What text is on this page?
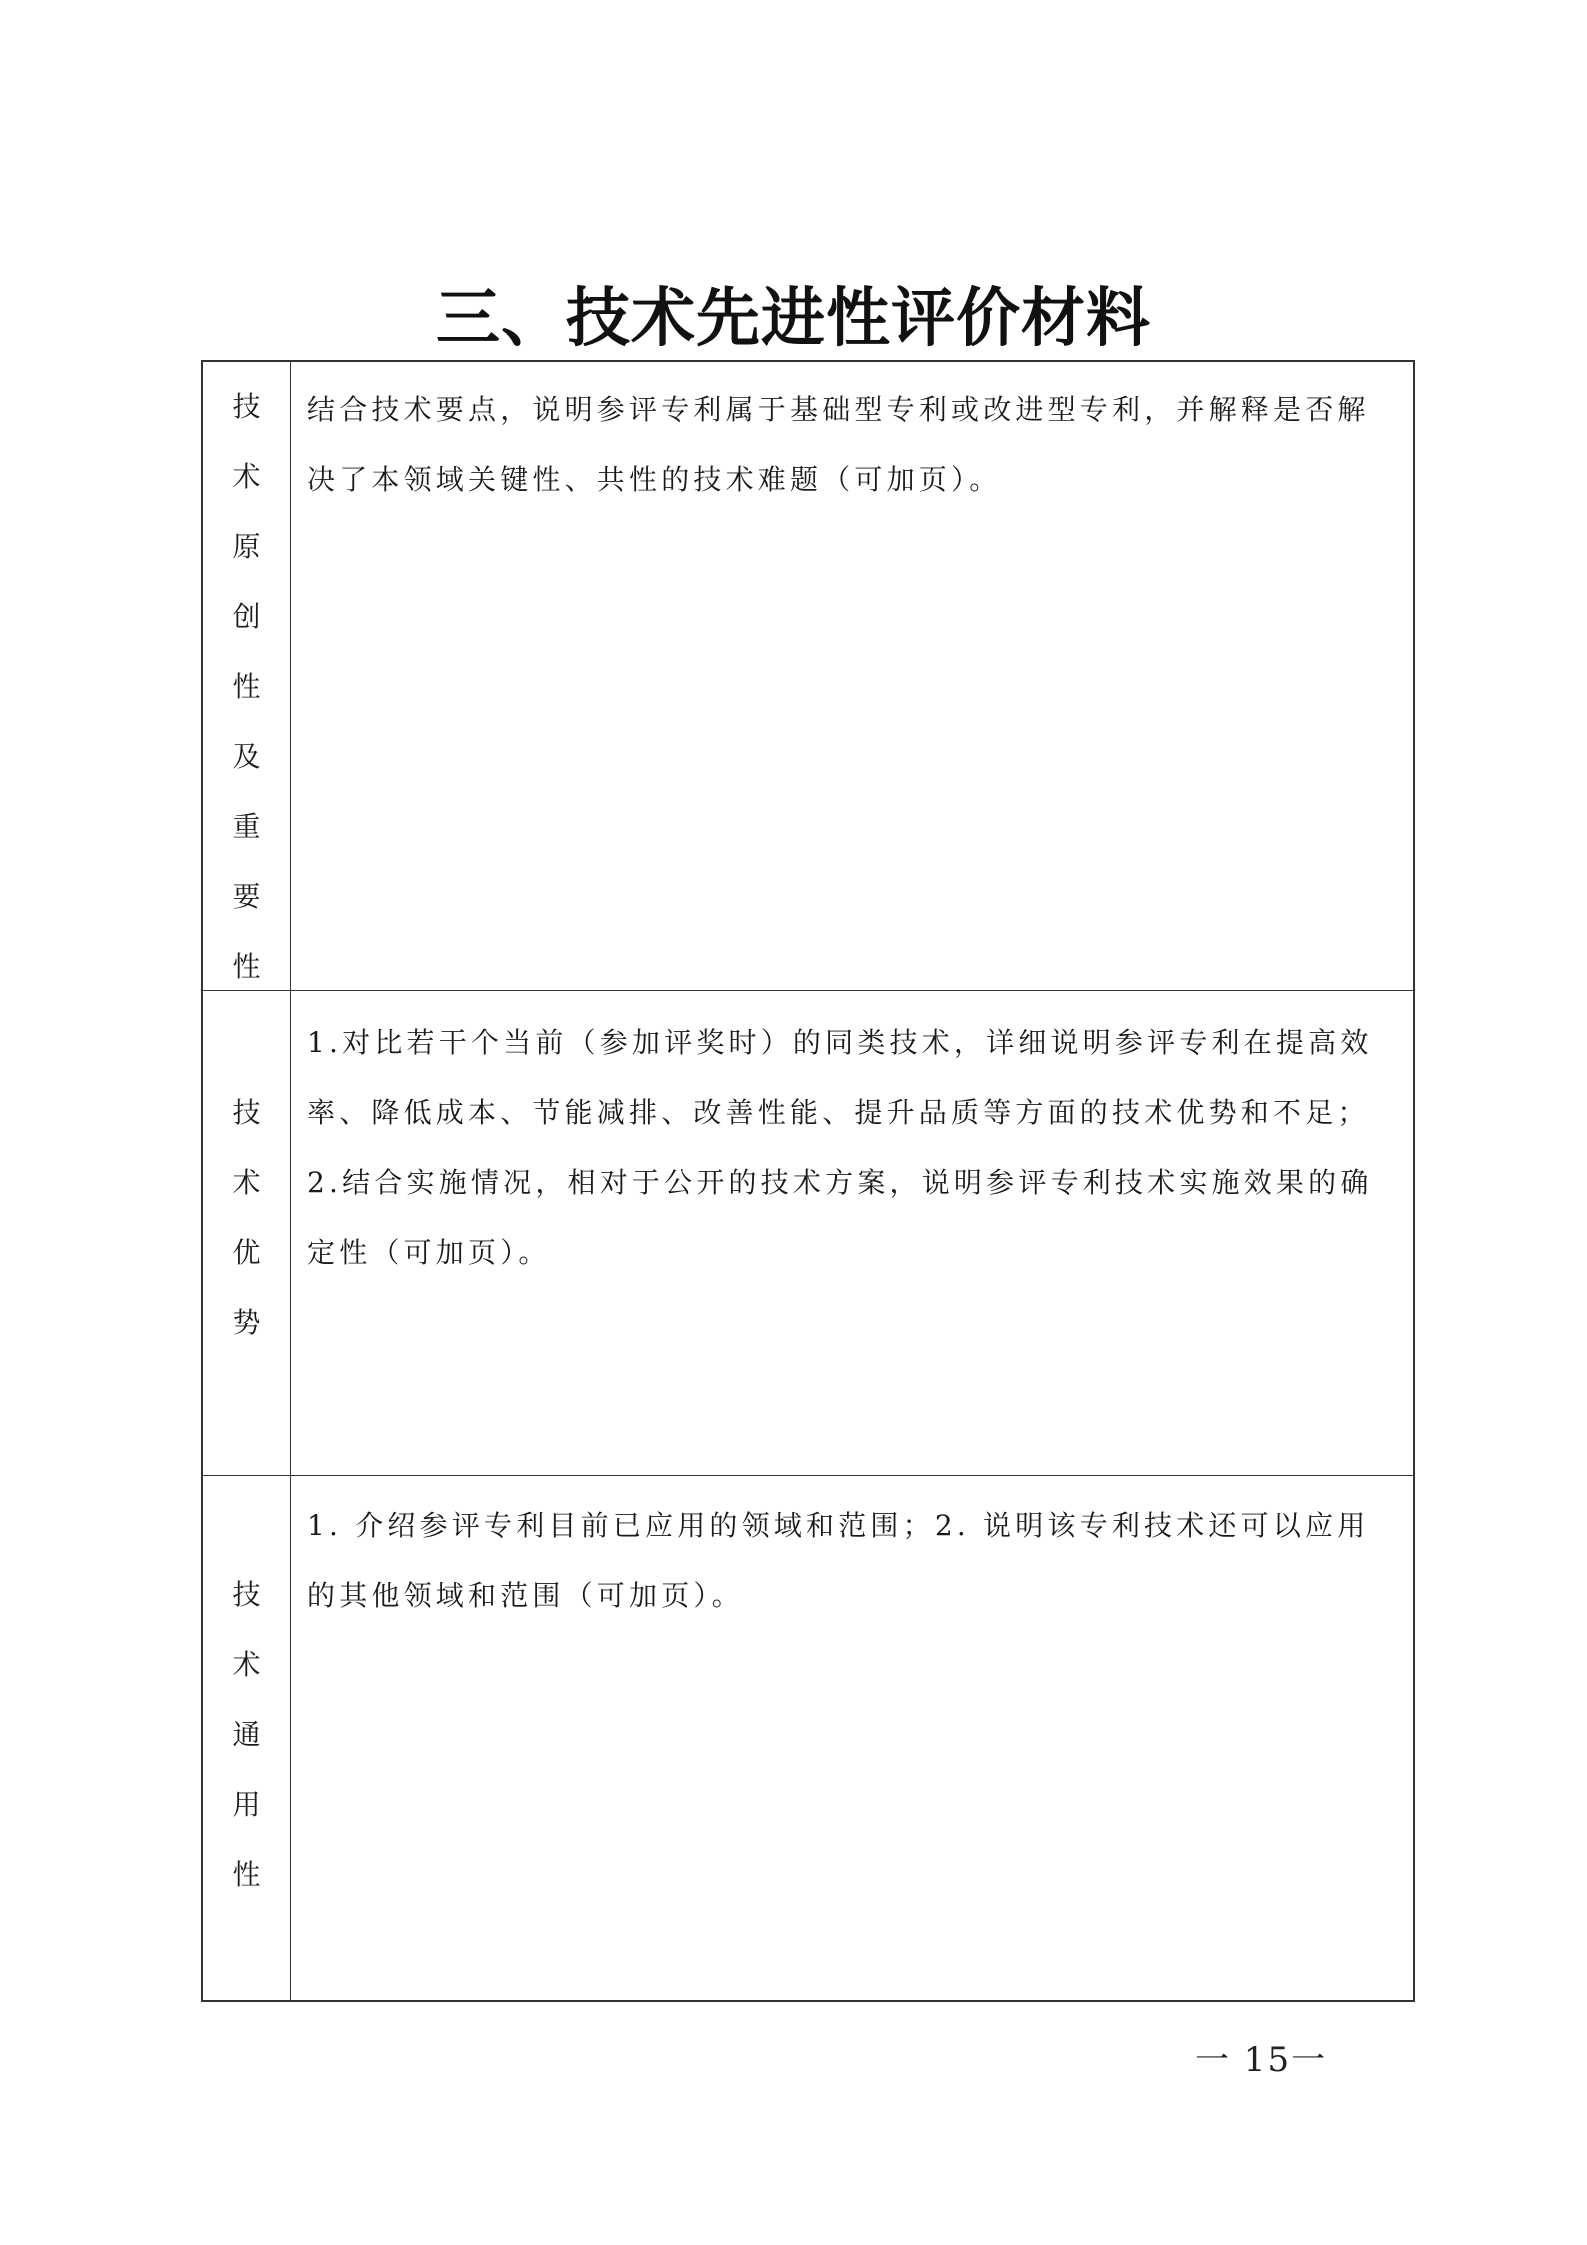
三、技术先进性评价材料
技
术
原
创
性
及
重
要
性

结合技术要点，说明参评专利属于基础型专利或改进型专利，并解释是否解决了本领域关键性、共性的技术难题（可加页）。

技
术
优
势

1.对比若干个当前（参加评奖时）的同类技术，详细说明参评专利在提高效率、降低成本、节能减排、改善性能、提升品质等方面的技术优势和不足；2.结合实施情况，相对于公开的技术方案，说明参评专利技术实施效果的确定性（可加页）。

技
术
通
用
性

1. 介绍参评专利目前已应用的领域和范围；2. 说明该专利技术还可以应用的其他领域和范围（可加页）。

一 15一
